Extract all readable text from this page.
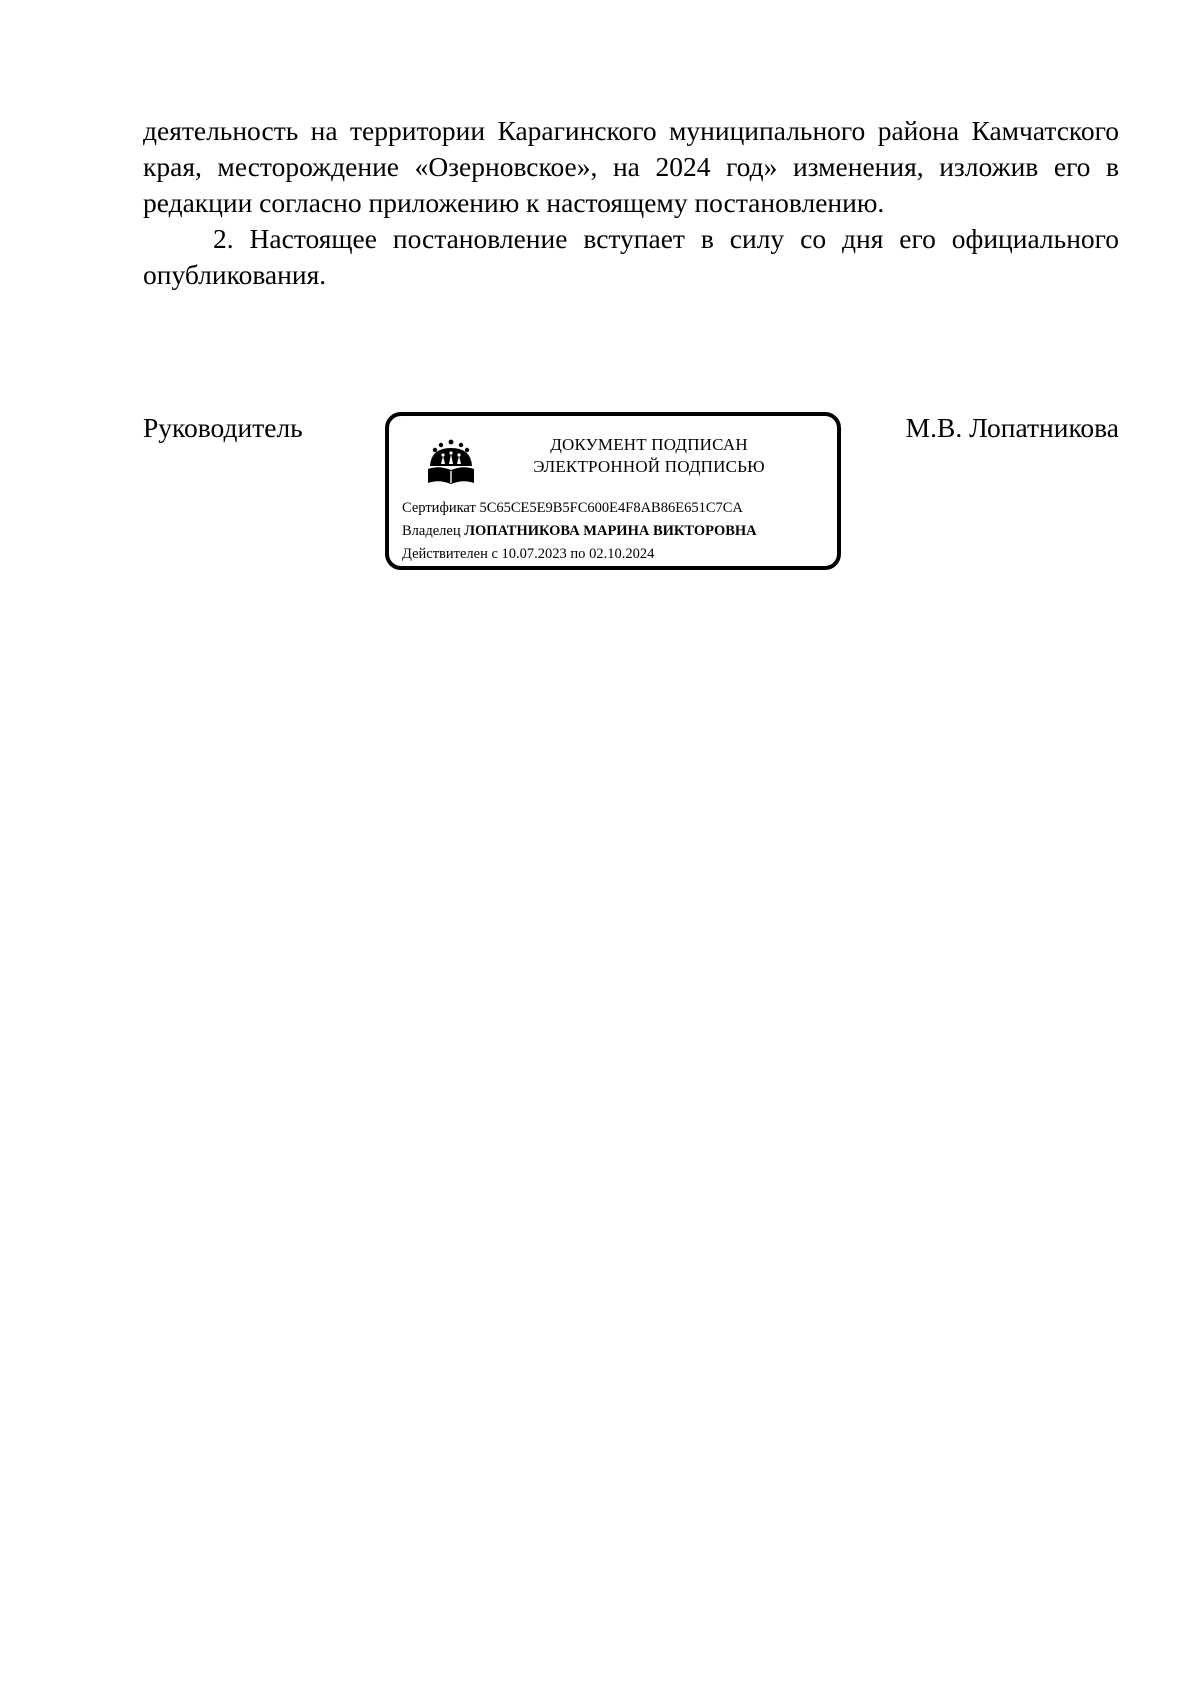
деятельность на территории Карагинского муниципального района Камчатского края, месторождение «Озерновское», на 2024 год» изменения, изложив его в редакции согласно приложению к настоящему постановлению.

2. Настоящее постановление вступает в силу со дня его официального опубликования.

Руководитель	М.В. Лопатникова
ДОКУМЕНТ ПОДПИСАН
ЭЛЕКТРОННОЙ ПОДПИСЬЮ
Сертификат 5C65CE5E9B5FC600E4F8AB86E651C7CA
Владелец ЛОПАТНИКОВА МАРИНА ВИКТОРОВНА
Действителен с 10.07.2023 по 02.10.2024
